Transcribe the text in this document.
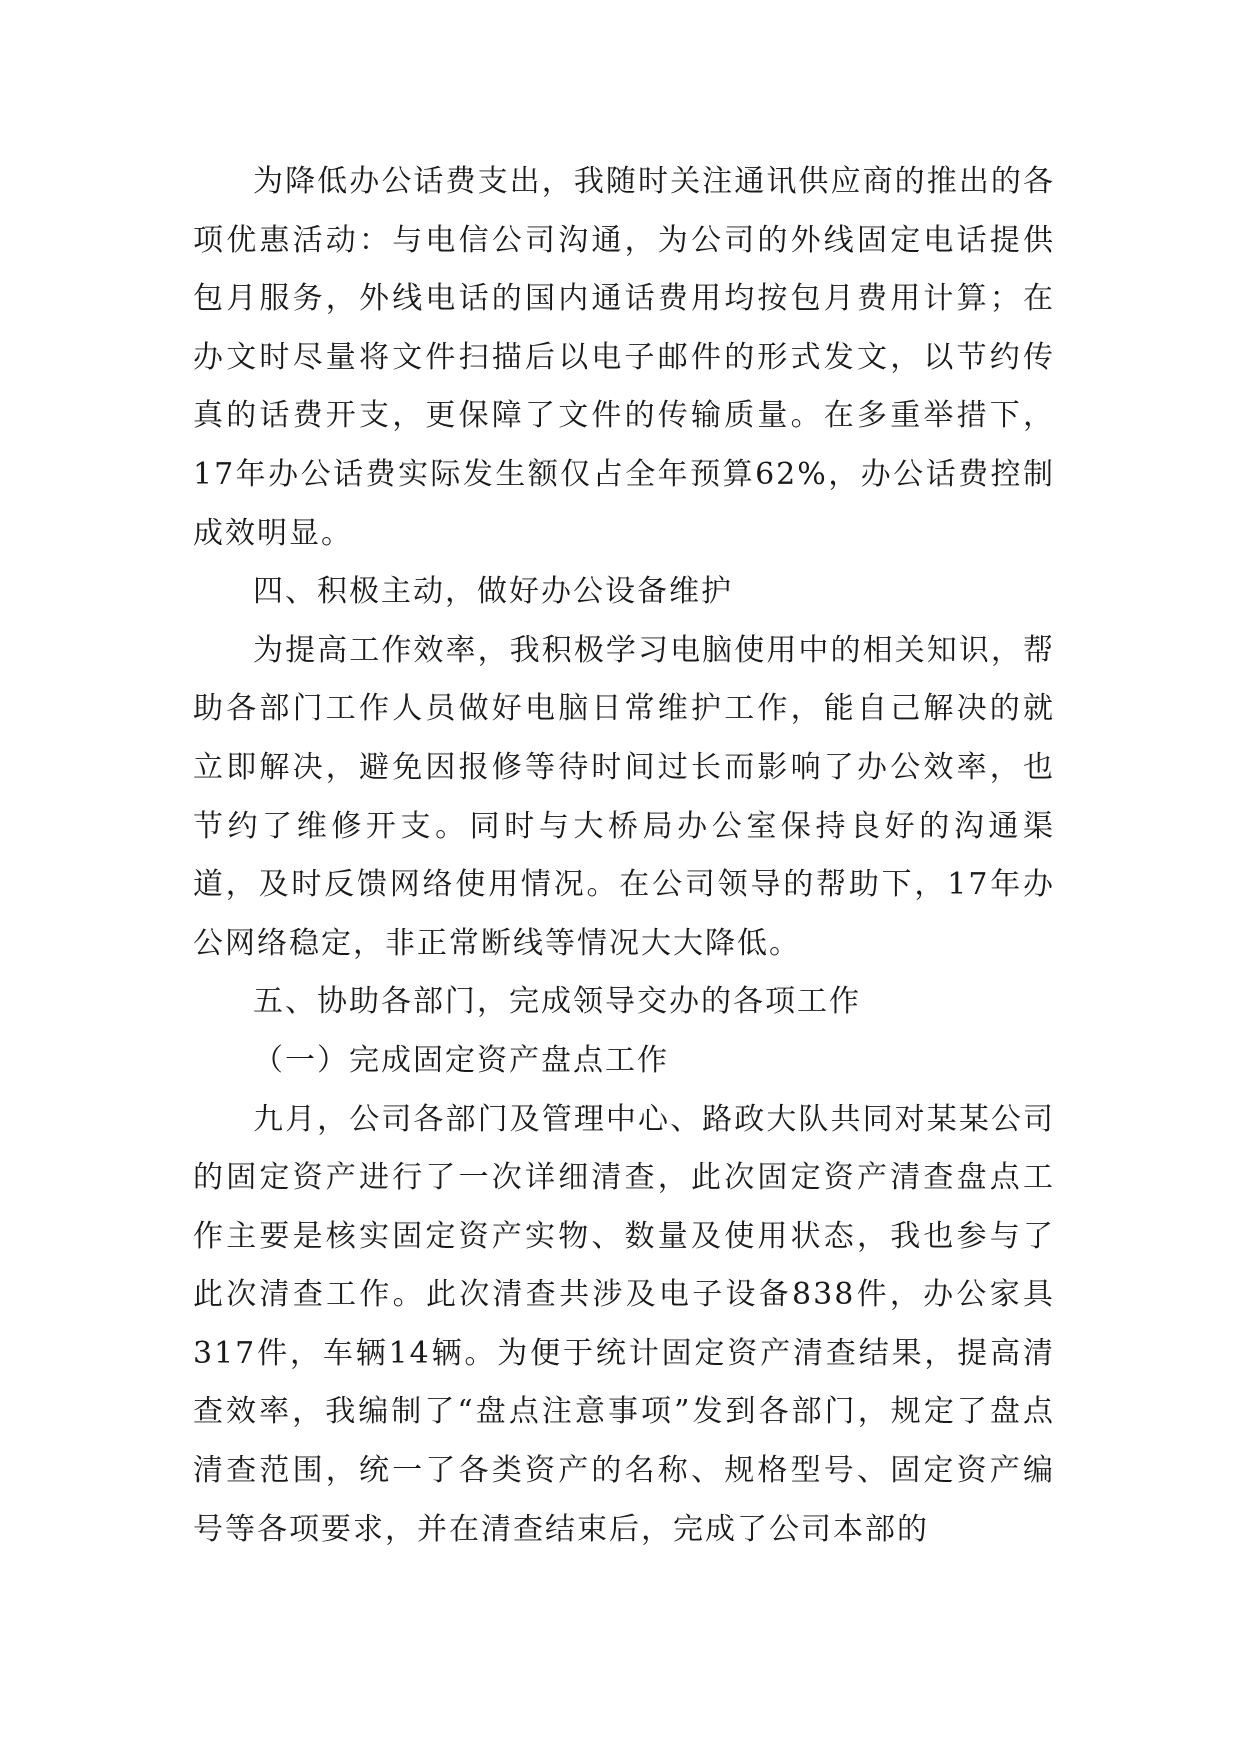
为降低办公话费支出，我随时关注通讯供应商的推出的各项优惠活动：与电信公司沟通，为公司的外线固定电话提供包月服务，外线电话的国内通话费用均按包月费用计算；在办文时尽量将文件扫描后以电子邮件的形式发文，以节约传真的话费开支，更保障了文件的传输质量。在多重举措下，17年办公话费实际发生额仅占全年预算62%，办公话费控制成效明显。

四、积极主动，做好办公设备维护

为提高工作效率，我积极学习电脑使用中的相关知识，帮助各部门工作人员做好电脑日常维护工作，能自己解决的就立即解决，避免因报修等待时间过长而影响了办公效率，也节约了维修开支。同时与大桥局办公室保持良好的沟通渠道，及时反馈网络使用情况。在公司领导的帮助下，17年办公网络稳定，非正常断线等情况大大降低。

五、协助各部门，完成领导交办的各项工作

（一）完成固定资产盘点工作

九月，公司各部门及管理中心、路政大队共同对某某公司的固定资产进行了一次详细清查，此次固定资产清查盘点工作主要是核实固定资产实物、数量及使用状态，我也参与了此次清查工作。此次清查共涉及电子设备838件，办公家具317件，车辆14辆。为便于统计固定资产清查结果，提高清查效率，我编制了“盘点注意事项”发到各部门，规定了盘点清查范围，统一了各类资产的名称、规格型号、固定资产编号等各项要求，并在清查结束后，完成了公司本部的
